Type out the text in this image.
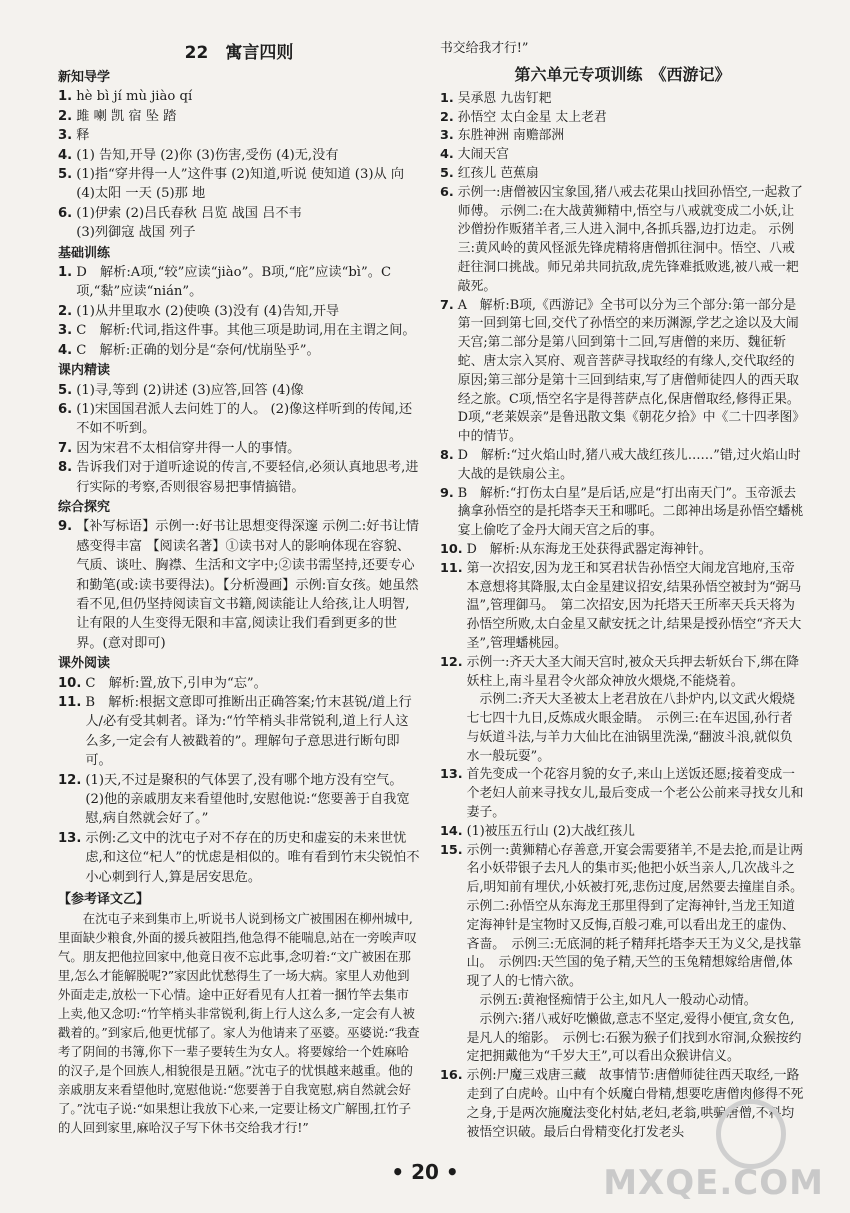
22　寓言四则
新知导学
1. hè bì jí mù jiào qí
2. 雎 喇 凯 宿 坠 踏
3. 释
4. (1) 告知,开导 (2)你 (3)伤害,受伤 (4)无,没有
5. (1)指“穿井得一人”这件事 (2)知道,听说 使知道 (3)从 向 (4)太阳 一天 (5)那 地
6. (1)伊索 (2)吕氏春秋 吕览 战国 吕不韦
(3)列御寇 战国 列子
基础训练
1. D　解析:A项,“较”应读“jiào”。B项,“庇”应读“bì”。C项,“黏”应读“nián”。
2. (1)从井里取水 (2)使唤 (3)没有 (4)告知,开导
3. C　解析:代词,指这件事。其他三项是助词,用在主谓之间。
4. C　解析:正确的划分是“奈何/忧崩坠乎”。
课内精读
5. (1)寻,等到 (2)讲述 (3)应答,回答 (4)像
6. (1)宋国国君派人去问姓丁的人。 (2)像这样听到的传闻,还不如不听到。
7. 因为宋君不太相信穿井得一人的事情。
8. 告诉我们对于道听途说的传言,不要轻信,必须认真地思考,进行实际的考察,否则很容易把事情搞错。
综合探究
9. 【补写标语】示例一:好书让思想变得深邃 示例二:好书让情感变得丰富 【阅读名著】①读书对人的影响体现在容貌、气质、谈吐、胸襟、生活和文字中;②读书需坚持,还要专心和勤笔(或:读书要得法)。【分析漫画】示例:盲女孩。她虽然看不见,但仍坚持阅读盲文书籍,阅读能让人给孩,让人明智,让有限的人生变得无限和丰富,阅读让我们看到更多的世界。(意对即可)
课外阅读
10. C　解析:置,放下,引申为“忘”。
11. B　解析:根据文意即可推断出正确答案;竹末甚锐/道上行人/必有受其刺者。译为:“竹竿梢头非常锐利,道上行人这么多,一定会有人被戳着的”。理解句子意思进行断句即可。
12. (1)天,不过是聚积的气体罢了,没有哪个地方没有空气。(2)他的亲戚朋友来看望他时,安慰他说:“您要善于自我宽慰,病自然就会好了。”
13. 示例:乙文中的沈屯子对不存在的历史和虚妄的未来世忧虑,和这位“杞人”的忧虑是相似的。唯有看到竹末尖锐怕不小心刺到行人,算是居安思危。
【参考译文乙】
　　在沈屯子来到集市上,听说书人说到杨文广被围困在柳州城中,里面缺少粮食,外面的援兵被阻挡,他急得不能喘息,站在一旁唉声叹气。朋友把他拉回家中,他竟日夜不忘此事,念叨着:“文广被困在那里,怎么才能解脱呢?”家因此忧愁得生了一场大病。家里人劝他到外面走走,放松一下心情。途中正好看见有人扛着一捆竹竿去集市上卖,他又念叨:“竹竿梢头非常锐利,街上行人这么多,一定会有人被戳着的。”到家后,他更忧郁了。家人为他请来了巫婆。巫婆说:“我查考了阴间的书簿,你下一辈子要转生为女人。将要嫁给一个姓麻哈的汉子,是个回族人,相貌很是丑陋。”沈屯子的忧惧越来越重。他的亲戚朋友来看望他时,宽慰他说:“您要善于自我宽慰,病自然就会好了。”沈屯子说:“如果想让我放下心来,一定要让杨文广解围,扛竹子的人回到家里,麻哈汉子写下休书交给我才行!”
书交给我才行!”
第六单元专项训练　《西游记》
1. 吴承恩 九齿钉耙
2. 孙悟空 太白金星 太上老君
3. 东胜神洲 南赡部洲
4. 大闹天宫
5. 红孩儿 芭蕉扇
6. 示例一:唐僧被囚宝象国,猪八戒去花果山找回孙悟空,一起救了师傅。 示例二:在大战黄狮精中,悟空与八戒就变成二小妖,让沙僧扮作贩猪羊者,三人进入洞中,各抓兵器,边打边走。 示例三:黄风岭的黄风怪派先锋虎精将唐僧抓往洞中。悟空、八戒赶往洞口挑战。师兄弟共同抗敌,虎先锋难抵败逃,被八戒一耙敲死。
7. A　解析:B项,《西游记》全书可以分为三个部分:第一部分是第一回到第七回,交代了孙悟空的来历渊源,学艺之途以及大闹天宫;第二部分是第八回到第十二回,写唐僧的来历、魏征斩蛇、唐太宗入冥府、观音菩萨寻找取经的有缘人,交代取经的原因;第三部分是第十三回到结束,写了唐僧师徒四人的西天取经之旅。C项,悟空名字是得菩萨点化,保唐僧取经,修得正果。D项,“老莱娱亲”是鲁迅散文集《朝花夕拾》中《二十四孝图》中的情节。
8. D　解析:“过火焰山时,猪八戒大战红孩儿……”错,过火焰山时大战的是铁扇公主。
9. B　解析:“打伤太白星”是后话,应是“打出南天门”。玉帝派去擒拿孙悟空的是托塔李天王和哪吒。二郎神出场是孙悟空蟠桃宴上偷吃了金丹大闹天宫之后的事。
10. D　解析:从东海龙王处获得武器定海神针。
11. 第一次招安,因为龙王和冥君状告孙悟空大闹龙宫地府,玉帝本意想将其降服,太白金星建议招安,结果孙悟空被封为“弼马温”,管理御马。　第二次招安,因为托塔天王所率天兵天将为孙悟空所败,太白金星又献安抚之计,结果是授孙悟空“齐天大圣”,管理蟠桃园。
12. 示例一:齐天大圣大闹天宫时,被众天兵押去斩妖台下,绑在降妖柱上,南斗星君令火部众神放火煨烧,不能烧着。
　示例二:齐天大圣被太上老君放在八卦炉内,以文武火煅烧七七四十九日,反炼成火眼金睛。　示例三:在车迟国,孙行者与妖道斗法,与羊力大仙比在油锅里洗澡,“翻波斗浪,就似负水一般玩耍”。
13. 首先变成一个花容月貌的女子,来山上送饭还愿;接着变成一个老妇人前来寻找女儿,最后变成一个老公公前来寻找女儿和妻子。
14. (1)被压五行山 (2)大战红孩儿
15. 示例一:黄狮精心存善意,开宴会需要猪羊,不是去抢,而是让两名小妖带银子去凡人的集市买;他把小妖当亲人,几次战斗之后,明知前有埋伏,小妖被打死,悲伤过度,居然要去撞崖自杀。　示例二:孙悟空从东海龙王那里得到了定海神针,当龙王知道定海神针是宝物时又反悔,百般刁难,可以看出龙王的虚伪、吝啬。　示例三:无底洞的耗子精拜托塔李天王为义父,是找靠山。　示例四:天竺国的兔子精,天竺的玉兔精想嫁给唐僧,体现了人的七情六欲。
　示例五:黄袍怪痴情于公主,如凡人一般动心动情。
　示例六:猪八戒好吃懒做,意志不坚定,爱得小便宜,贪女色,是凡人的缩影。　示例七:石猴为猴子们找到水帘洞,众猴按约定把拥戴他为“千岁大王”,可以看出众猴讲信义。
16. 示例:尸魔三戏唐三藏　故事情节:唐僧师徒往西天取经,一路走到了白虎岭。山中有个妖魔白骨精,想要吃唐僧肉修得不死之身,于是两次施魔法变化村姑,老妇,老翁,哄骗唐僧,不料均被悟空识破。最后白骨精变化打发老头
• 20 •	MXQE.COM
